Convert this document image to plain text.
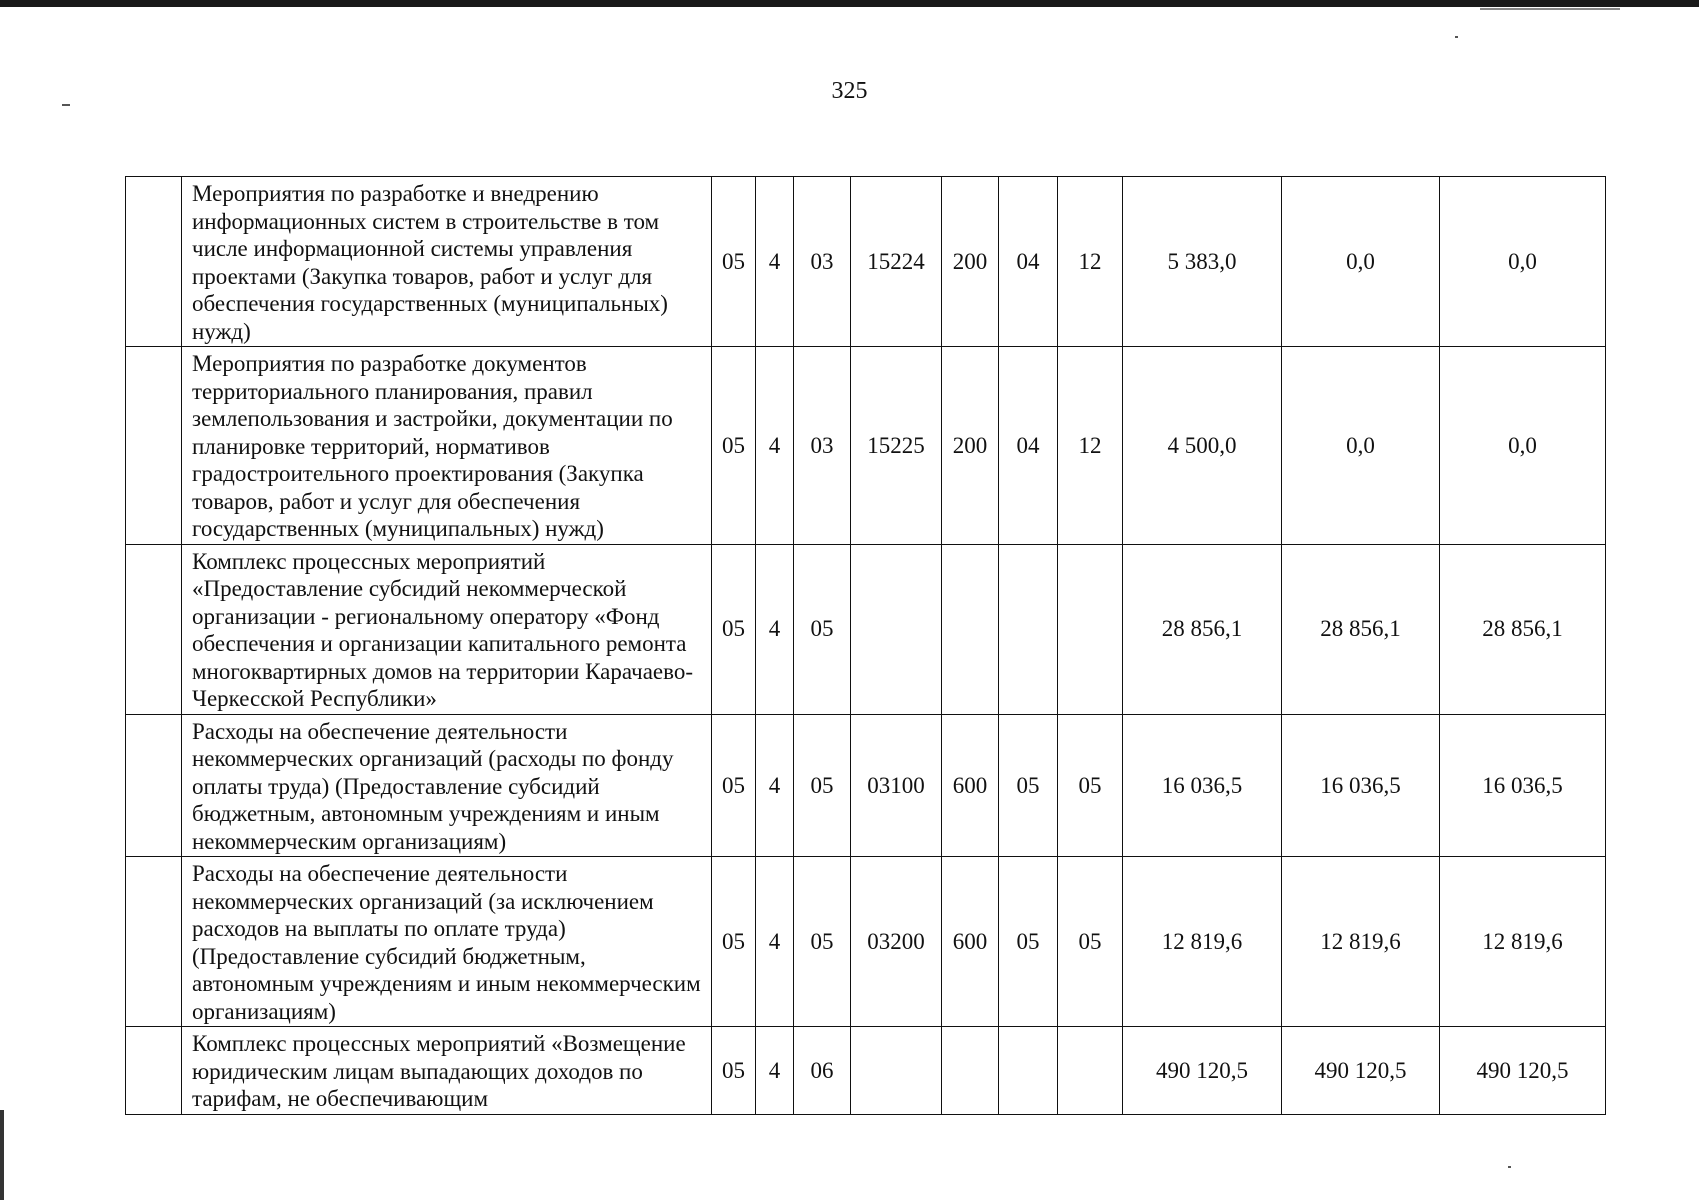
325
	Мероприятия по разработке и внедрению информационных систем в строительстве в том числе информационной системы управления проектами (Закупка товаров, работ и услуг для обеспечения государственных (муниципальных) нужд)	05	4	03	15224	200	04	12	5 383,0	0,0	0,0
	Мероприятия по разработке документов территориального планирования, правил землепользования и застройки, документации по планировке территорий, нормативов градостроительного проектирования (Закупка товаров, работ и услуг для обеспечения государственных (муниципальных) нужд)	05	4	03	15225	200	04	12	4 500,0	0,0	0,0
	Комплекс процессных мероприятий «Предоставление субсидий некоммерческой организации - региональному оператору «Фонд обеспечения и организации капитального ремонта многоквартирных домов на территории Карачаево-Черкесской Республики»	05	4	05					28 856,1	28 856,1	28 856,1
	Расходы на обеспечение деятельности некоммерческих организаций (расходы по фонду оплаты труда) (Предоставление субсидий бюджетным, автономным учреждениям и иным некоммерческим организациям)	05	4	05	03100	600	05	05	16 036,5	16 036,5	16 036,5
	Расходы на обеспечение деятельности некоммерческих организаций (за исключением расходов на выплаты по оплате труда) (Предоставление субсидий бюджетным, автономным учреждениям и иным некоммерческим организациям)	05	4	05	03200	600	05	05	12 819,6	12 819,6	12 819,6
	Комплекс процессных мероприятий «Возмещение юридическим лицам выпадающих доходов по тарифам, не обеспечивающим	05	4	06					490 120,5	490 120,5	490 120,5
